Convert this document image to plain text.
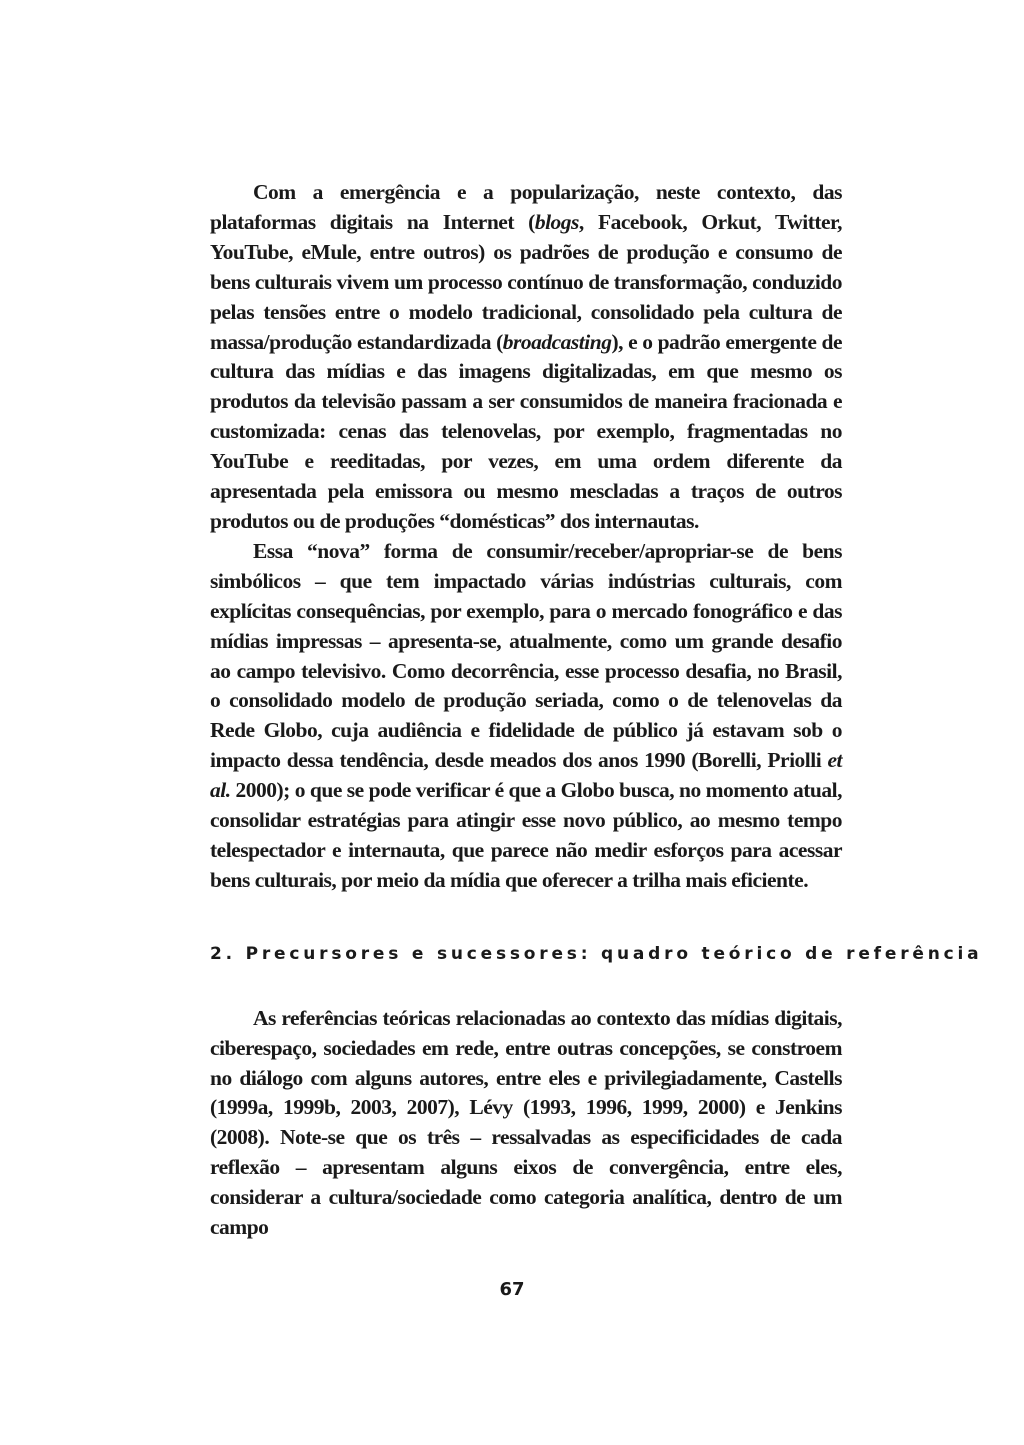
Com a emergência e a popularização, neste contexto, das plataformas digitais na Internet (blogs, Facebook, Orkut, Twitter, YouTube, eMule, entre outros) os padrões de produção e consumo de bens culturais vivem um processo contínuo de transformação, conduzido pelas tensões entre o modelo tradicional, consolidado pela cultura de massa/produção estandardizada (broadcasting), e o padrão emergente de cultura das mídias e das imagens digitalizadas, em que mesmo os produtos da televisão passam a ser consumidos de maneira fracionada e customizada: cenas das telenovelas, por exemplo, fragmentadas no YouTube e reeditadas, por vezes, em uma ordem diferente da apresentada pela emissora ou mesmo mescladas a traços de outros produtos ou de produções “domésticas” dos internautas.

Essa “nova” forma de consumir/receber/apropriar-se de bens simbólicos – que tem impactado várias indústrias culturais, com explícitas consequências, por exemplo, para o mercado fonográfico e das mídias impressas – apresenta-se, atualmente, como um grande desafio ao campo televisivo. Como decorrência, esse processo desafia, no Brasil, o consolidado modelo de produção seriada, como o de telenovelas da Rede Globo, cuja audiência e fidelidade de público já estavam sob o impacto dessa tendência, desde meados dos anos 1990 (Borelli, Priolli et al. 2000); o que se pode verificar é que a Globo busca, no momento atual, consolidar estratégias para atingir esse novo público, ao mesmo tempo telespectador e internauta, que parece não medir esforços para acessar bens culturais, por meio da mídia que oferecer a trilha mais eficiente.

2. Precursores e sucessores: quadro teórico de referência

As referências teóricas relacionadas ao contexto das mídias digitais, ciberespaço, sociedades em rede, entre outras concepções, se constroem no diálogo com alguns autores, entre eles e privilegiadamente, Castells (1999a, 1999b, 2003, 2007), Lévy (1993, 1996, 1999, 2000) e Jenkins (2008). Note-se que os três – ressalvadas as especificidades de cada reflexão – apresentam alguns eixos de convergência, entre eles, considerar a cultura/sociedade como categoria analítica, dentro de um campo

67
